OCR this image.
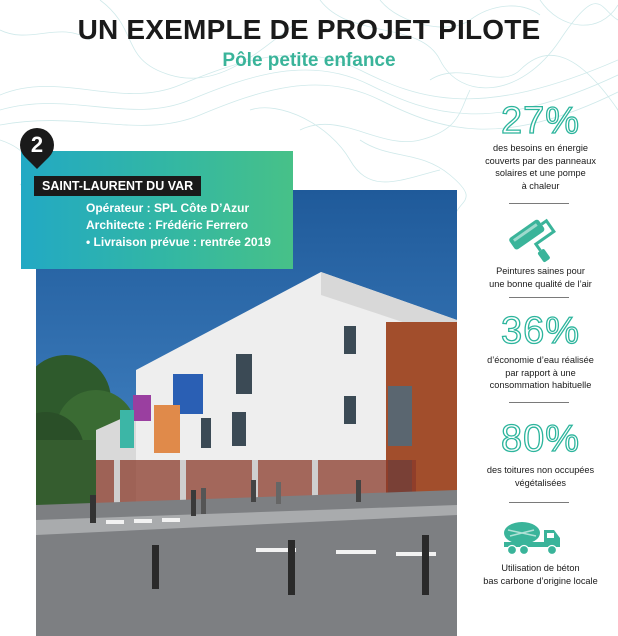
UN EXEMPLE DE PROJET PILOTE
Pôle petite enfance
2
SAINT-LAURENT DU VAR
Opérateur : SPL Côte D’Azur
Architecte : Frédéric Ferrero
• Livraison prévue : rentrée 2019
27%
des besoins en énergie
couverts par des panneaux
solaires et une pompe
à chaleur
Peintures saines pour
une bonne qualité de l’air
36%
d’économie d’eau réalisée
par rapport à une
consommation habituelle
80%
des toitures non occupées
végétalisées
Utilisation de béton
bas carbone d’origine locale
